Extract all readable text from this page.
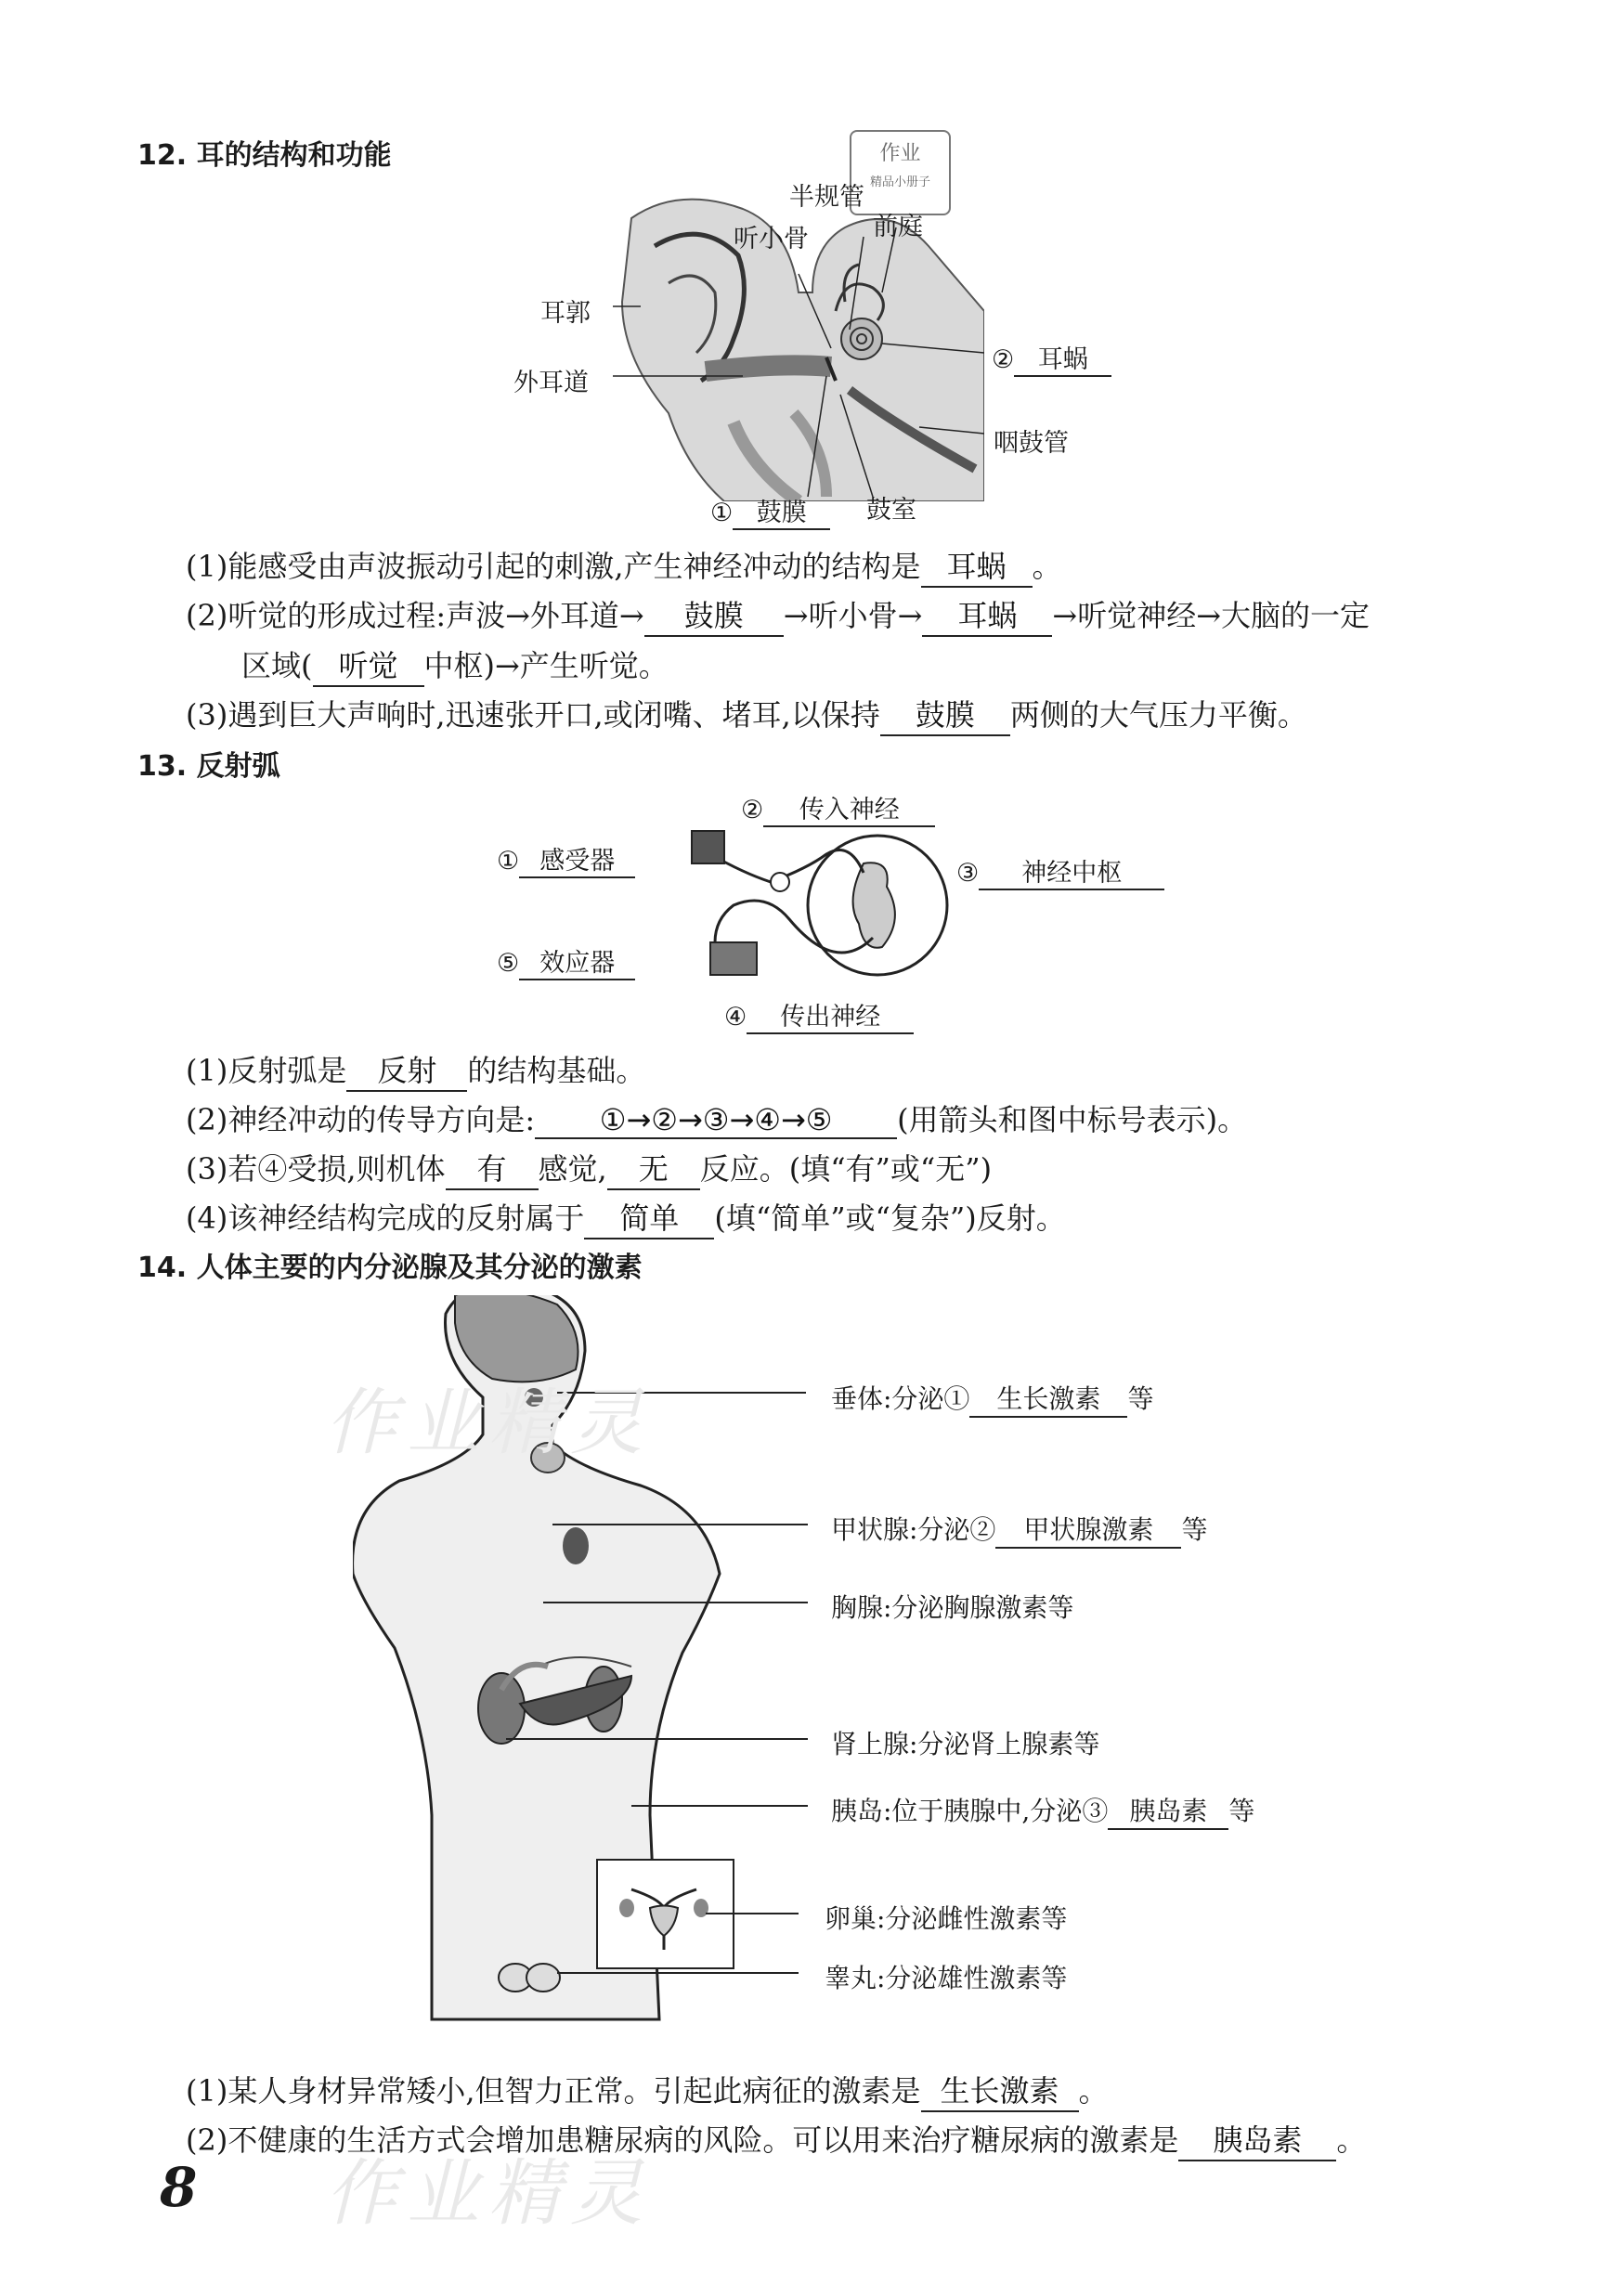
12. 耳的结构和功能	作业
精品小册子
半规管
听小骨	前庭
耳郭
外耳道
咽鼓管
鼓室
② 耳蜗
① 鼓膜
(1)能感受由声波振动引起的刺激,产生神经冲动的结构是 耳蜗 。
(2)听觉的形成过程:声波→外耳道→ 鼓膜 →听小骨→ 耳蜗 →听觉神经→大脑的一定
区域( 听觉 中枢)→产生听觉。
(3)遇到巨大声响时,迅速张开口,或闭嘴、堵耳,以保持 鼓膜 两侧的大气压力平衡。
13. 反射弧
① 感受器
② 传入神经
③ 神经中枢
⑤ 效应器
④ 传出神经
(1)反射弧是 反射 的结构基础。
(2)神经冲动的传导方向是: ①→②→③→④→⑤ (用箭头和图中标号表示)。
(3)若④受损,则机体 有 感觉, 无 反应。(填“有”或“无”)
(4)该神经结构完成的反射属于 简单 (填“简单”或“复杂”)反射。
14. 人体主要的内分泌腺及其分泌的激素
垂体:分泌① 生长激素 等
甲状腺:分泌② 甲状腺激素 等
胸腺:分泌胸腺激素等
肾上腺:分泌肾上腺素等
胰岛:位于胰腺中,分泌③ 胰岛素 等
卵巢:分泌雌性激素等
睾丸:分泌雄性激素等
(1)某人身材异常矮小,但智力正常。引起此病征的激素是 生长激素 。
(2)不健康的生活方式会增加患糖尿病的风险。可以用来治疗糖尿病的激素是 胰岛素 。
作业精灵
作业精灵
8
